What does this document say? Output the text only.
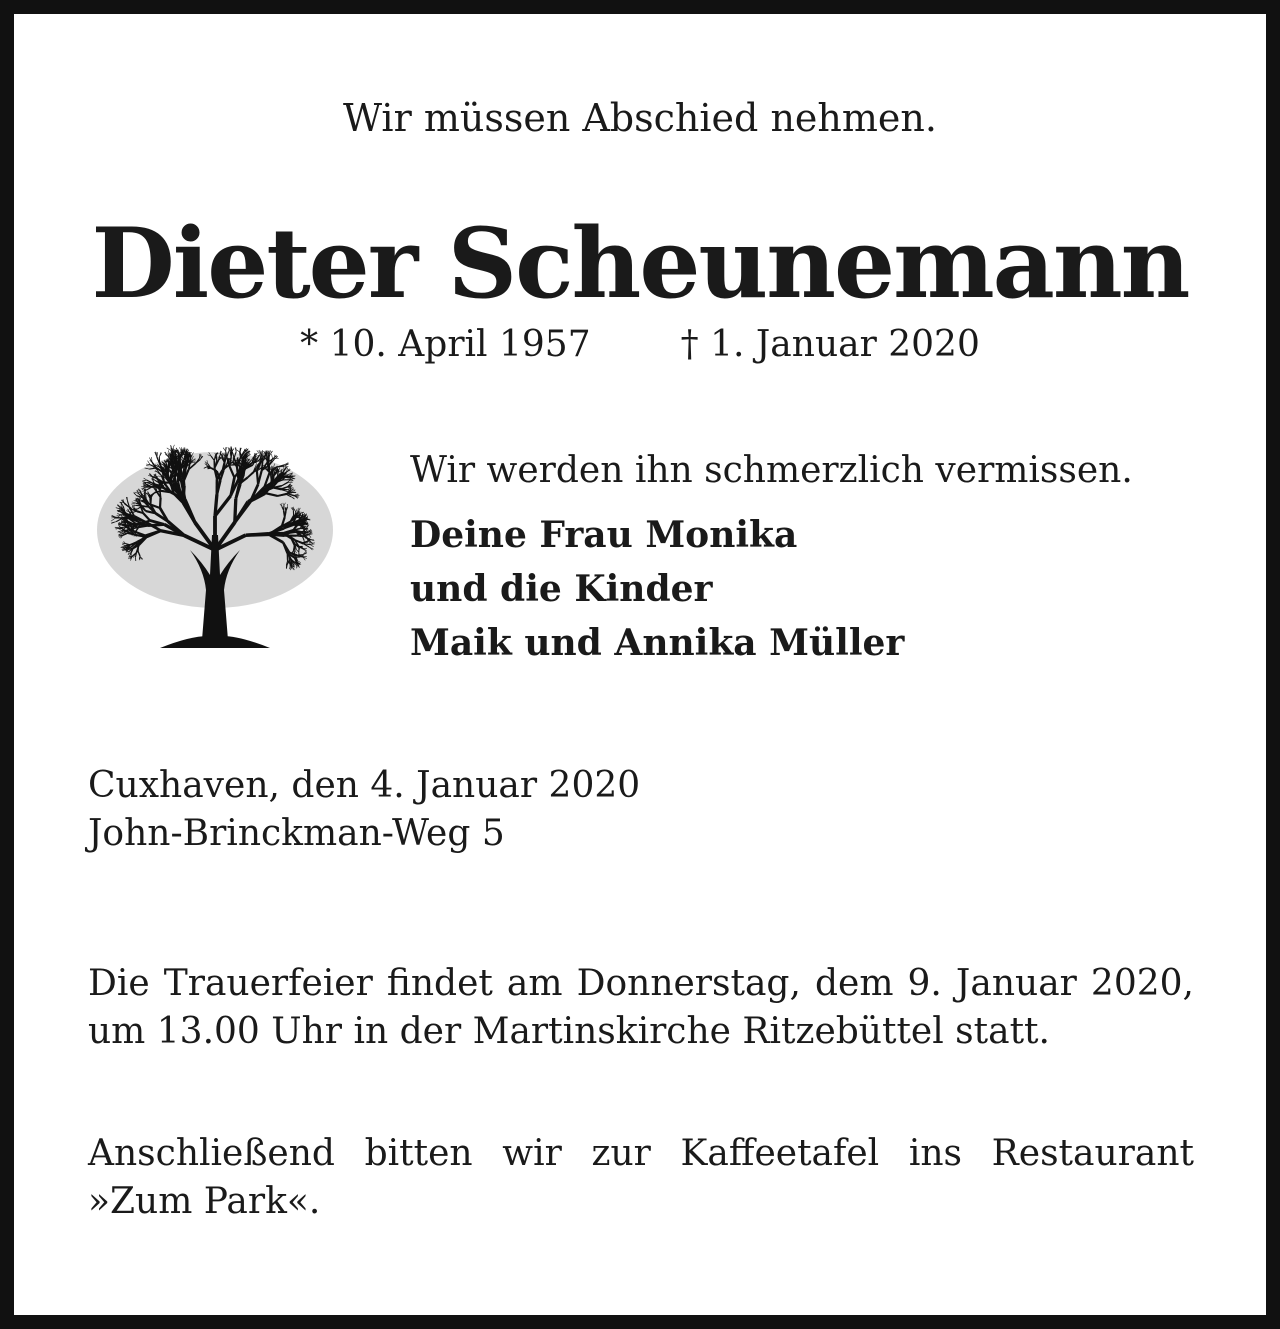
Wir müssen Abschied nehmen.
Dieter Scheunemann
* 10. April 1957	† 1. Januar 2020
Wir werden ihn schmerzlich vermissen.
Deine Frau Monika
und die Kinder
Maik und Annika Müller
Cuxhaven, den 4. Januar 2020
John-Brinckman-Weg 5
Die Trauerfeier findet am Donnerstag, dem 9. Januar 2020, um 13.00 Uhr in der Martinskirche Ritzebüttel statt.
Anschließend bitten wir zur Kaffeetafel ins Restaurant »Zum Park«.
